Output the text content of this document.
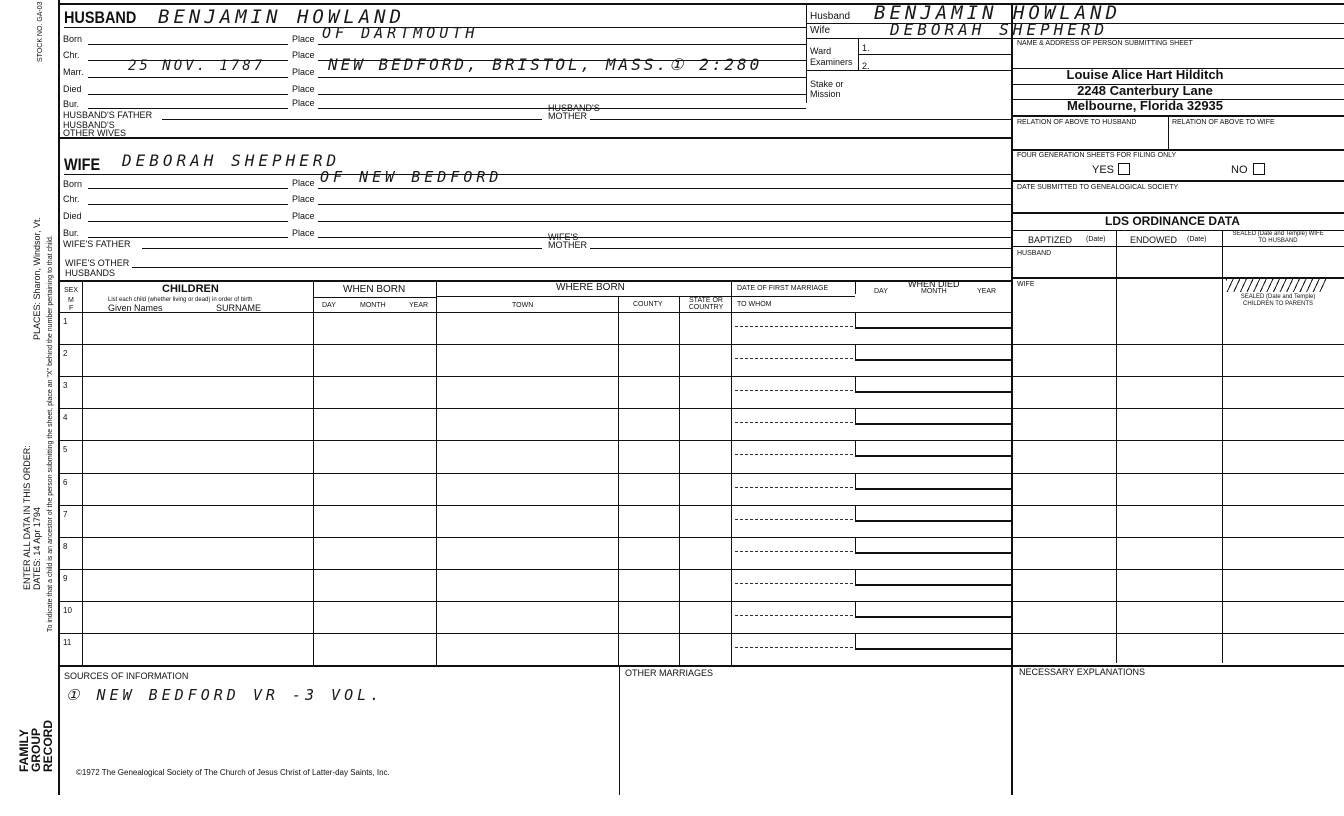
STOCK NO. GA-03
To indicate that a child is an ancestor of the person submitting the sheet, place an "X" behind the number pertaining to that child.
PLACES: Sharon, Windsor, Vt.
DATES: 14 Apr 1794
ENTER ALL DATA IN THIS ORDER:
FAMILY GROUP RECORD
HUSBAND BENJAMIN HOWLAND
Born	Place OF DARTMOUTH
Chr.	Place
Marr.	25 NOV. 1787	Place NEW BEDFORD, BRISTOL, MASS.① 2:280
Died	Place
Bur.	Place
HUSBAND'S FATHER
HUSBAND'S MOTHER
HUSBAND'S OTHER WIVES
Husband BENJAMIN HOWLAND
Wife	DEBORAH SHEPHERD
Ward
Examiners
1.
2.
Stake or Mission
NAME & ADDRESS OF PERSON SUBMITTING SHEET
Louise Alice Hart Hilditch
2248 Canterbury Lane
Melbourne, Florida 32935
RELATION OF ABOVE TO HUSBAND	RELATION OF ABOVE TO WIFE
FOUR GENERATION SHEETS FOR FILING ONLY
YES	NO
DATE SUBMITTED TO GENEALOGICAL SOCIETY
LDS ORDINANCE DATA
BAPTIZED (Date)	ENDOWED (Date)
SEALED (Date and Temple) WIFE TO HUSBAND
HUSBAND
WIFE
SEALED (Date and Temple) CHILDREN TO PARENTS
WIFE DEBORAH SHEPHERD
Born	Place OF NEW BEDFORD
Chr.	Place
Died	Place
Bur.	Place
WIFE'S FATHER
WIFE'S MOTHER
WIFE'S OTHER HUSBANDS
SEX
M
F
CHILDREN
List each child (whether living or dead) in order of birth
Given Names	SURNAME
WHEN BORN
DAY	MONTH	YEAR
WHERE BORN
TOWN	COUNTY
STATE OR COUNTRY
DATE OF FIRST MARRIAGE
TO WHOM
WHEN DIED
DAY	MONTH	YEAR
1
2
3
4
5
6
7
8
9
10
11
SOURCES OF INFORMATION
① NEW BEDFORD VR -3 VOL.
OTHER MARRIAGES	NECESSARY EXPLANATIONS
©1972 The Genealogical Society of The Church of Jesus Christ of Latter-day Saints, Inc.
